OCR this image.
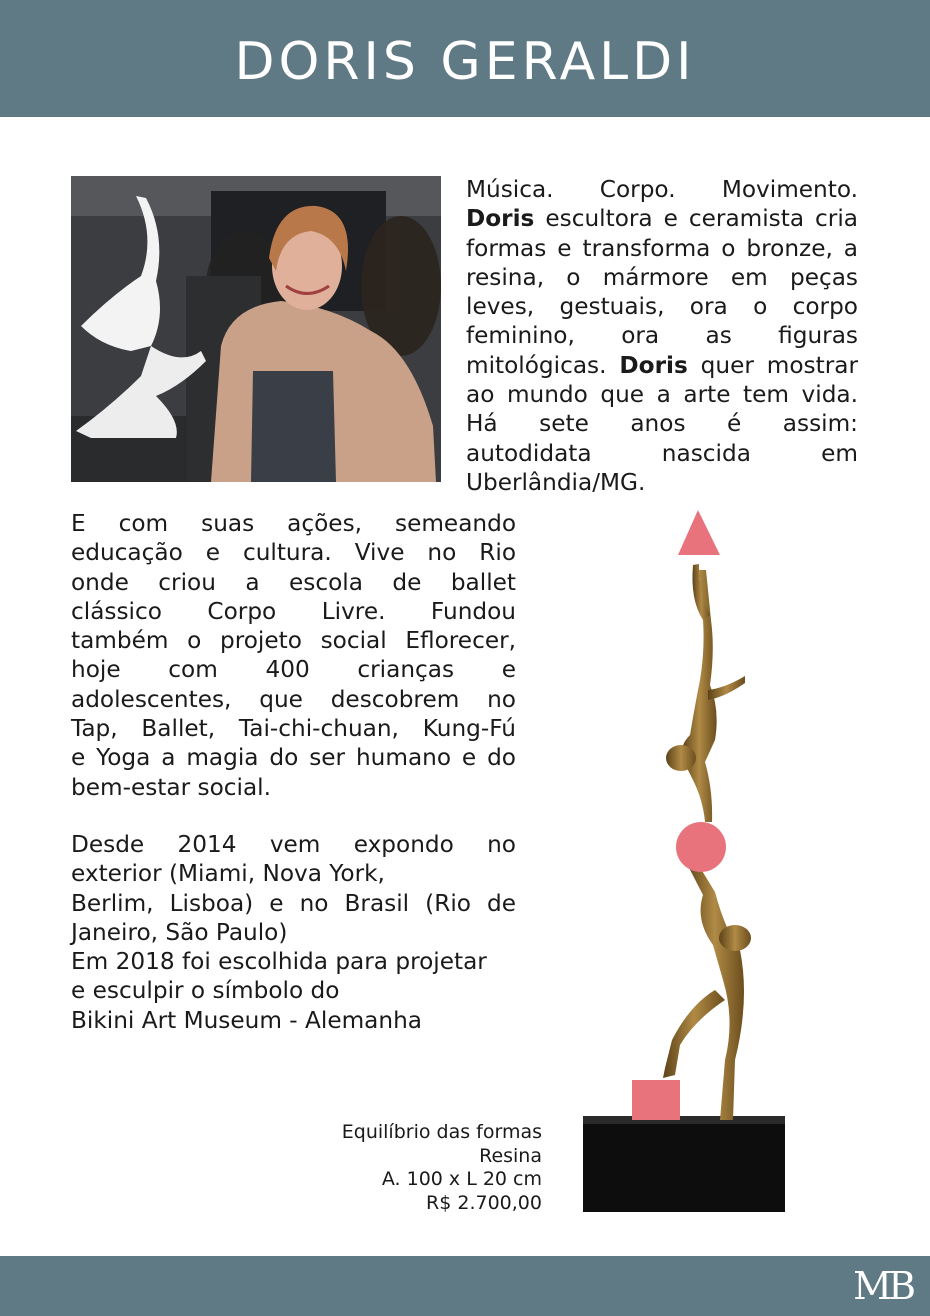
DORIS GERALDI
Música. Corpo. Movimento.
Doris escultora e ceramista cria
formas e transforma o bronze, a
resina, o mármore em peças
leves, gestuais, ora o corpo
feminino, ora as figuras
mitológicas. Doris quer mostrar
ao mundo que a arte tem vida.
Há sete anos é assim:
autodidata nascida em
Uberlândia/MG.
E com suas ações, semeando
educação e cultura. Vive no Rio
onde criou a escola de ballet
clássico Corpo Livre. Fundou
também o projeto social Eflorecer,
hoje com 400 crianças e
adolescentes, que descobrem no
Tap, Ballet, Tai-chi-chuan, Kung-Fú
e Yoga a magia do ser humano e do
bem-estar social.
Desde 2014 vem expondo no
exterior (Miami, Nova York,
Berlim, Lisboa) e no Brasil (Rio de
Janeiro, São Paulo)
Em 2018 foi escolhida para projetar
e esculpir o símbolo do
Bikini Art Museum - Alemanha
Equilíbrio das formas
Resina
A. 100 x L 20 cm
R$ 2.700,00
MB
